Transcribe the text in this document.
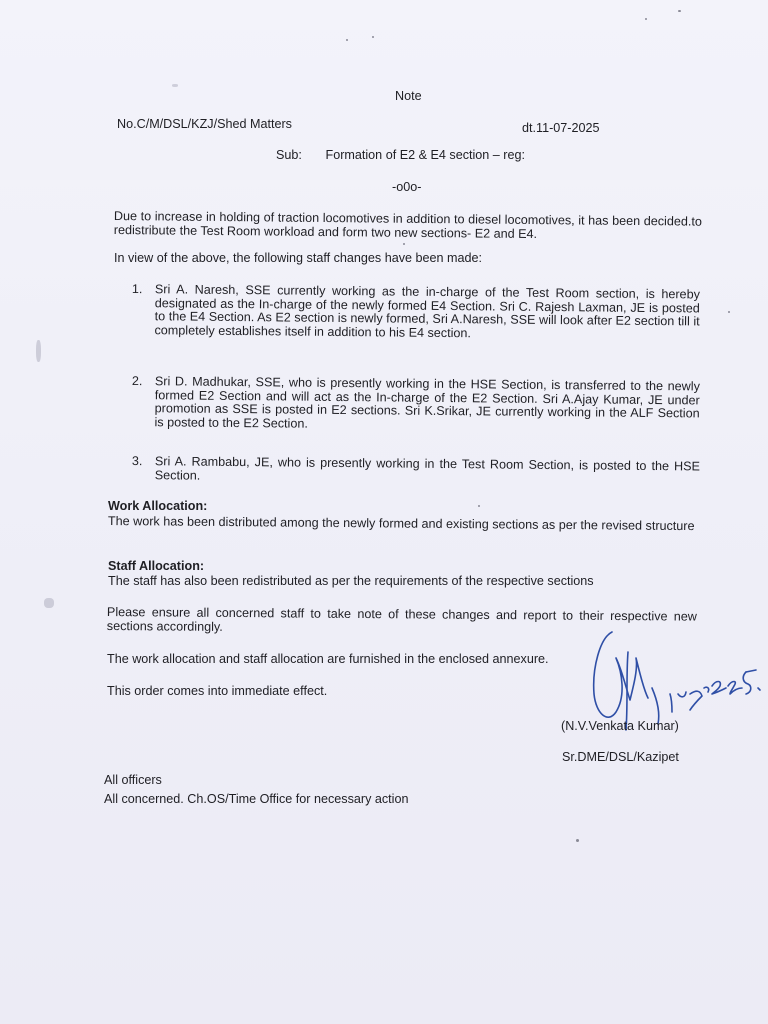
Note
No.C/M/DSL/KZJ/Shed Matters	dt.11-07-2025
Sub: Formation of E2 & E4 section – reg:
-o0o-
Due to increase in holding of traction locomotives in addition to diesel locomotives, it has been decided.to redistribute the Test Room workload and form two new sections- E2 and E4.
In view of the above, the following staff changes have been made:
1. Sri A. Naresh, SSE currently working as the in-charge of the Test Room section, is hereby designated as the In-charge of the newly formed E4 Section. Sri C. Rajesh Laxman, JE is posted to the E4 Section. As E2 section is newly formed, Sri A.Naresh, SSE will look after E2 section till it completely establishes itself in addition to his E4 section.
2. Sri D. Madhukar, SSE, who is presently working in the HSE Section, is transferred to the newly formed E2 Section and will act as the In-charge of the E2 Section. Sri A.Ajay Kumar, JE under promotion as SSE is posted in E2 sections. Sri K.Srikar, JE currently working in the ALF Section is posted to the E2 Section.
3. Sri A. Rambabu, JE, who is presently working in the Test Room Section, is posted to the HSE Section.
Work Allocation:
The work has been distributed among the newly formed and existing sections as per the revised structure
Staff Allocation:
The staff has also been redistributed as per the requirements of the respective sections
Please ensure all concerned staff to take note of these changes and report to their respective new sections accordingly.
The work allocation and staff allocation are furnished in the enclosed annexure.
This order comes into immediate effect.
(N.V.Venkata Kumar)
Sr.DME/DSL/Kazipet
All officers
All concerned. Ch.OS/Time Office for necessary action
